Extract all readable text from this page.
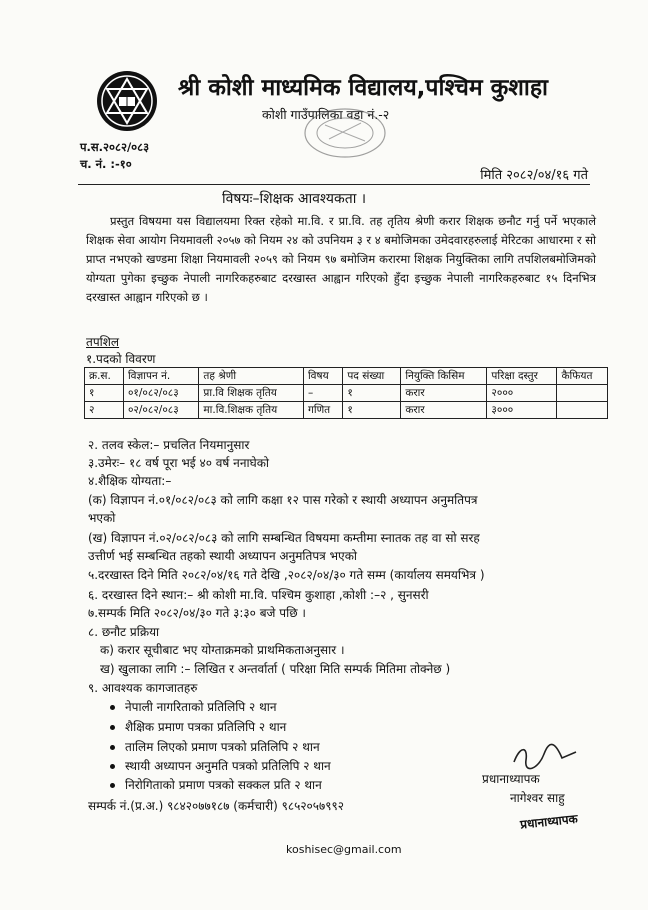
श्री कोशी माध्यमिक विद्यालय,पश्चिम कुशाहा
कोशी गाउँपालिका वडा नं.-२
प.स.२०८२/०८३
च. नं. :-१०
मिति २०८२/०४/१६ गते
विषयः–शिक्षक आवश्यकता ।

प्रस्तुत विषयमा यस विद्यालयमा रिक्त रहेको मा.वि. र प्रा.वि. तह तृतिय श्रेणी करार शिक्षक छनौट गर्नु पर्ने भएकाले शिक्षक सेवा आयोग नियमावली २०५७ को नियम २४ को उपनियम ३ र ४ बमोजिमका उमेदवारहरुलाई मेरिटका आधारमा र सो प्राप्त नभएको खण्डमा शिक्षा नियमावली २०५९ को नियम ९७ बमोजिम करारमा शिक्षक नियुक्तिका लागि तपशिलबमोजिमको योग्यता पुगेका इच्छुक नेपाली नागरिकहरुबाट दरखास्त आह्वान गरिएको हुँदा इच्छुक नेपाली नागरिकहरुबाट १५ दिनभित्र दरखास्त आह्वान गरिएको छ ।

तपशिल
१.पदको विवरण
क्र.स.	विज्ञापन नं.	तह श्रेणी	विषय	पद संख्या	नियुक्ति किसिम	परिक्षा दस्तुर	कैफियत
१	०१/०८२/०८३	प्रा.वि शिक्षक तृतिय	–	१	करार	२०००	
२	०२/०८२/०८३	मा.वि.शिक्षक तृतिय	गणित	१	करार	३०००	
२. तलव स्केल:– प्रचलित नियमानुसार
३.उमेरः– १८ वर्ष पूरा भई ४० वर्ष ननाघेको
४.शैक्षिक योग्यता:–
(क) विज्ञापन नं.०१/०८२/०८३ को लागि कक्षा १२ पास गरेको र स्थायी अध्यापन अनुमतिपत्र
भएको
(ख) विज्ञापन नं.०२/०८२/०८३ को लागि सम्बन्धित विषयमा कम्तीमा स्नातक तह वा सो सरह
उत्तीर्ण भई सम्बन्धित तहको स्थायी अध्यापन अनुमतिपत्र भएको
५.दरखास्त दिने मिति २०८२/०४/१६ गते देखि ,२०८२/०४/३० गते सम्म (कार्यालय समयभित्र )
६. दरखास्त दिने स्थान:– श्री कोशी मा.वि. पश्चिम कुशाहा ,कोशी :–२ , सुनसरी
७.सम्पर्क मिति २०८२/०४/३० गते ३:३० बजे पछि ।
८. छनौट प्रक्रिया
क) करार सूचीबाट भए योग्ताक्रमको प्राथमिकताअनुसार ।
ख) खुलाका लागि :– लिखित र अन्तर्वार्ता ( परिक्षा मिति सम्पर्क मितिमा तोक्नेछ )
९. आवश्यक कागजातहरु
नेपाली नागरिताको प्रतिलिपि २ थान
शैक्षिक प्रमाण पत्रका प्रतिलिपि २ थान
तालिम लिएको प्रमाण पत्रको प्रतिलिपि २ थान
स्थायी अध्यापन अनुमति पत्रको प्रतिलिपि २ थान
निरोगिताको प्रमाण पत्रको सक्कल प्रति २ थान
सम्पर्क नं.(प्र.अ.) ९८४२०७७१८७ (कर्मचारी) ९८५२०५७९९२
प्रधानाध्यापक
नागेश्वर साहु
प्रधानाध्यापक
koshisec@gmail.com
